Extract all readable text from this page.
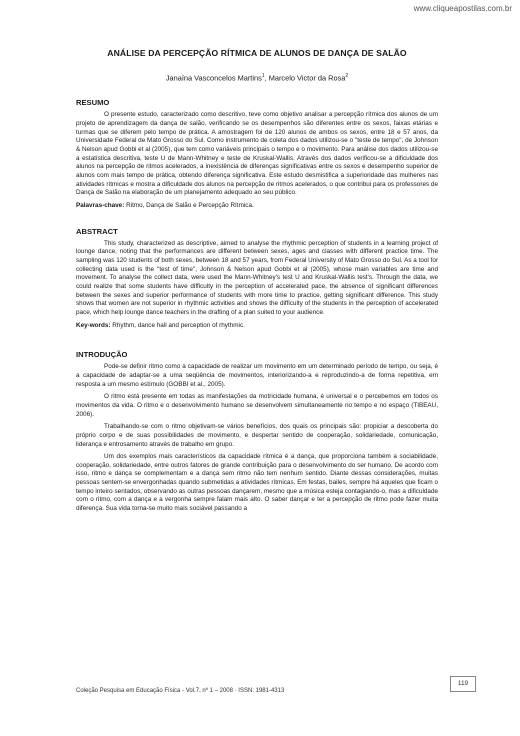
www.cliqueapostilas.com.br
ANÁLISE DA PERCEPÇÃO RÍTMICA DE ALUNOS DE DANÇA DE SALÃO
Janaína Vasconcelos Martins$^1$, Marcelo Victor da Rosa$^2$
RESUMO

O presente estudo, caracterizado como descritivo, teve como objetivo analisar a percepção rítmica dos alunos de um projeto de aprendizagem da dança de salão, verificando se os desempenhos são diferentes entre os sexos, faixas etárias e turmas que se diferem pelo tempo de prática. A amostragem foi de 120 alunos de ambos os sexos, entre 18 e 57 anos, da Universidade Federal de Mato Grosso do Sul. Como instrumento de coleta dos dados utilizou-se o "teste de tempo", de Johnson & Nelson apud Gobbi et al (2005), que tem como variáveis principais o tempo e o movimento. Para análise dos dados utilizou-se a estatística descritiva, teste U de Mann-Whitney e teste de Kruskal-Wallis. Através dos dados verificou-se a dificuldade dos alunos na percepção de ritmos acelerados, a inexistência de diferenças significativas entre os sexos e desempenho superior de alunos com mais tempo de prática, obtendo diferença significativa. Este estudo desmistifica a superioridade das mulheres nas atividades rítmicas e mostra a dificuldade dos alunos na percepção de ritmos acelerados, o que contribui para os professores de Dança de Salão na elaboração de um planejamento adequado ao seu público.

Palavras-chave: Ritmo, Dança de Salão e Percepção Rítmica.
ABSTRACT

This study, characterized as descriptive, aimed to analyse the rhythmic perception of students in a learning project of lounge dance, noting that the performances are different between sexes, ages and classes with different practice time. The sampling was 120 students of both sexes, between 18 and 57 years, from Federal University of Mato Grosso do Sul. As a tool for collecting data used is the "test of time", Johnson & Nelson apud Gobbi et al (2005), whose main variables are time and movement. To analyse the collect data, were used the Mann-Whitney's test U and Kruskal-Wallis test's. Through the data, we could realize that some students have difficulty in the perception of accelerated pace, the absence of significant differences between the sexes and superior performance of students with more time to practice, getting significant difference. This study shows that women are not superior in rhythmic activities and shows the difficulty of the students in the perception of accelerated pace, which help lounge dance teachers in the drafting of a plan suited to your audience.

Key-words: Rhythm, dance hall and perception of rhythmic.
INTRODUÇÃO

Pode-se definir ritmo como a capacidade de realizar um movimento em um determinado período de tempo, ou seja, é a capacidade de adaptar-se a uma seqüência de movimentos, interiorizando-a e reproduzindo-a de forma repetitiva, em resposta a um mesmo estímulo (GOBBI et al., 2005).

O ritmo está presente em todas as manifestações da motricidade humana, é universal e o percebemos em todos os movimentos da vida. O ritmo e o desenvolvimento humano se desenvolvem simultaneamente no tempo e no espaço (TIBEAU, 2006).

Trabalhando-se com o ritmo objetivam-se vários benefícios, dos quais os principais são: propiciar a descoberta do próprio corpo e de suas possibilidades de movimento, e despertar sentido de cooperação, solidariedade, comunicação, liderança e entrosamento através de trabalho em grupo.

Um dos exemplos mais característicos da capacidade rítmica é a dança, que proporciona também a sociabilidade, cooperação, solidariedade, entre outros fatores de grande contribuição para o desenvolvimento do ser humano. De acordo com isso, ritmo e dança se complementam e a dança sem ritmo não tem nenhum sentido. Diante dessas considerações, muitas pessoas sentem-se envergonhadas quando submetidas a atividades rítmicas. Em festas, bailes, sempre há aqueles que ficam o tempo inteiro sentados, observando as outras pessoas dançarem, mesmo que a música esteja contagiando-o, mas a dificuldade com o ritmo, com a dança e a vergonha sempre falam mais alto. O saber dançar e ter a percepção de ritmo pode fazer muita diferença. Sua vida torna-se muito mais sociável passando a

Coleção Pesquisa em Educação Física - Vol.7, nº 1 – 2008 · ISSN: 1981-4313
119
